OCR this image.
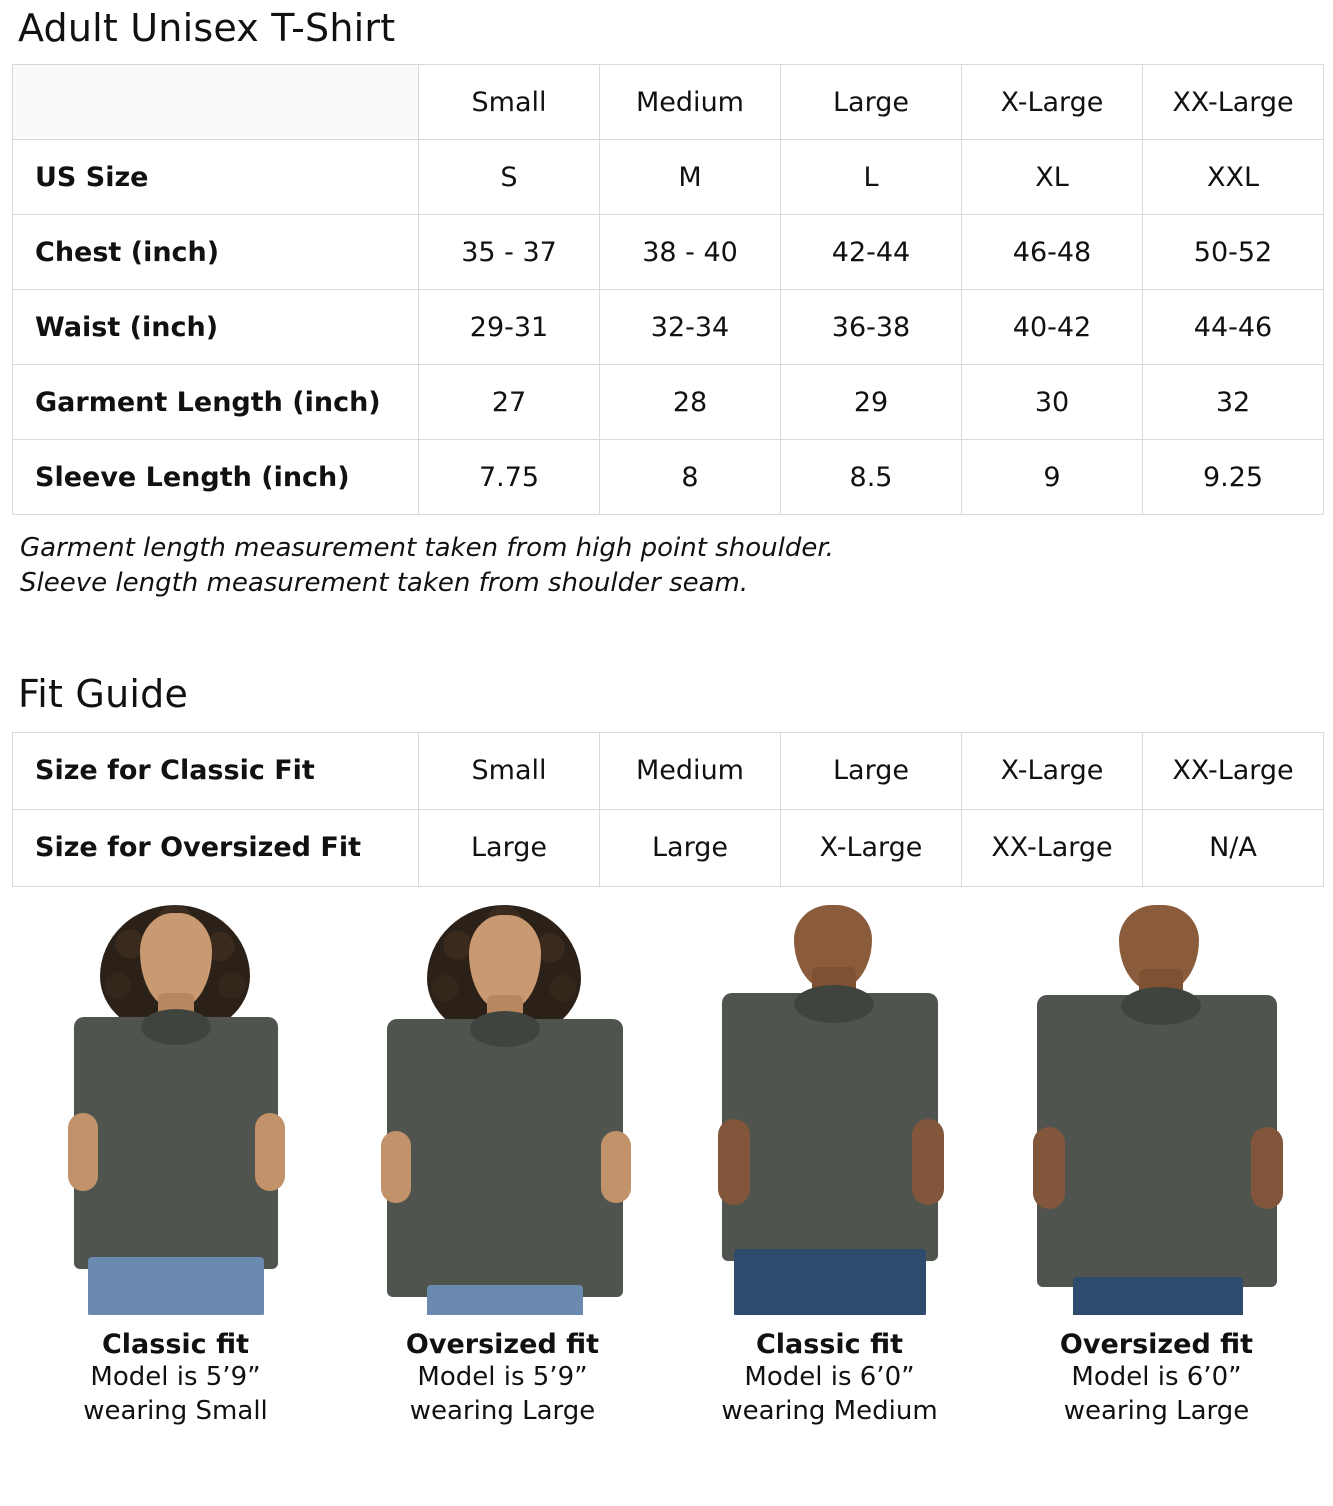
Adult Unisex T-Shirt
	Small	Medium	Large	X-Large	XX-Large
US Size	S	M	L	XL	XXL
Chest (inch)	35 - 37	38 - 40	42-44	46-48	50-52
Waist (inch)	29-31	32-34	36-38	40-42	44-46
Garment Length (inch)	27	28	29	30	32
Sleeve Length (inch)	7.75	8	8.5	9	9.25
Garment length measurement taken from high point shoulder.
Sleeve length measurement taken from shoulder seam.
Fit Guide
Size for Classic Fit	Small	Medium	Large	X-Large	XX-Large
Size for Oversized Fit	Large	Large	X-Large	XX-Large	N/A
Classic fit
Model is 5’9”
wearing Small
Oversized fit
Model is 5’9”
wearing Large
Classic fit
Model is 6’0”
wearing Medium
Oversized fit
Model is 6’0”
wearing Large
